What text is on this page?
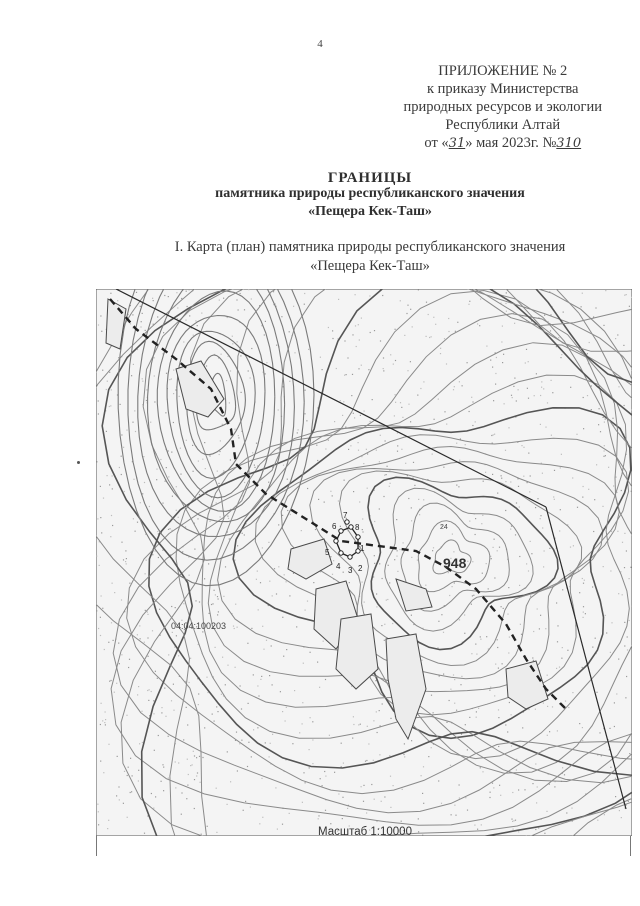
4
ПРИЛОЖЕНИЕ № 2
к приказу Министерства
природных ресурсов и экологии
Республики Алтай
от «31» мая 2023г. №310
ГРАНИЦЫ
памятника природы республиканского значения
«Пещера Кек-Таш»
I. Карта (план) памятника природы республиканского значения
«Пещера Кек-Таш»
1
2
3
4
5
6
7
8
04:04:100203
948
24
Масштаб 1:10000
